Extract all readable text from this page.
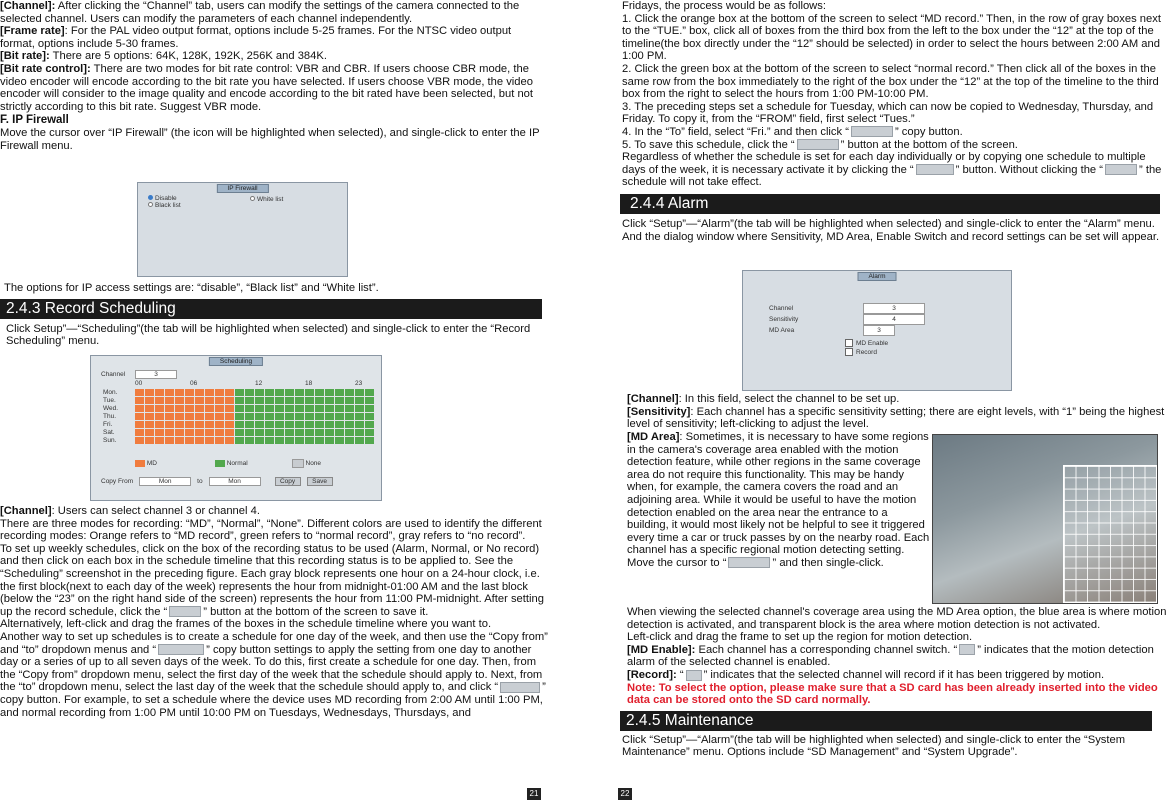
[Channel]: After clicking the “Channel” tab, users can modify the settings of the camera connected to the selected channel. Users can modify the parameters of each channel independently.

[Frame rate]: For the PAL video output format, options include 5-25 frames. For the NTSC video output format, options include 5-30 frames.

[Bit rate]: There are 5 options: 64K, 128K, 192K, 256K and 384K.

[Bit rate control]: There are two modes for bit rate control: VBR and CBR. If users choose CBR mode, the video encoder will encode according to the bit rate you have selected. If users choose VBR mode, the video encoder will consider to the image quality and encode according to the bit rated have been selected, but not strictly according to this bit rate. Suggest VBR mode.

F. IP Firewall

Move the cursor over “IP Firewall” (the icon will be highlighted when selected), and single-click to enter the IP Firewall menu.

IP Firewall
Disable
Black list
White list

The options for IP access settings are: “disable”, “Black list” and “White list”.

2.4.3 Record Scheduling

Click Setup”—“Scheduling”(the tab will be highlighted when selected) and single-click to enter the “Record Scheduling” menu.

Scheduling
Channel	3
00	06	12	18	23
Mon.
Tue.
Wed.
Thu.
Fri.
Sat.
Sun.
MD	Normal	None
Copy From	Mon	to	Mon	Copy	Save

[Channel]: Users can select channel 3 or channel 4.

There are three modes for recording: “MD”, “Normal”, “None”. Different colors are used to identify the different recording modes: Orange refers to “MD record”, green refers to “normal record”, gray refers to “no record”.

To set up weekly schedules, click on the box of the recording status to be used (Alarm, Normal, or No record) and then click on each box in the schedule timeline that this recording status is to be applied to. See the “Scheduling” screenshot in the preceding figure. Each gray block represents one hour on a 24-hour clock, i.e. the first block(next to each day of the week) represents the hour from midnight-01:00 AM and the last block (below the “23” on the right hand side of the screen) represents the hour from 11:00 PM-midnight. After setting up the record schedule, click the “	” button at the bottom of the screen to save it.

Alternatively, left-click and drag the frames of the boxes in the schedule timeline where you want to.

Another way to set up schedules is to create a schedule for one day of the week, and then use the “Copy from” and “to” dropdown menus and “	” copy button settings to apply the setting from one day to another day or a series of up to all seven days of the week. To do this, first create a schedule for one day. Then, from the “Copy from” dropdown menu, select the first day of the week that the schedule should apply to. Next, from the “to” dropdown menu, select the last day of the week that the schedule should apply to, and click “	” copy button. For example, to set a schedule where the device uses MD recording from 2:00 AM until 1:00 PM, and normal recording from 1:00 PM until 10:00 PM on Tuesdays, Wednesdays, Thursdays, and

21

Fridays, the process would be as follows:

1. Click the orange box at the bottom of the screen to select “MD record.” Then, in the row of gray boxes next to the “TUE.” box, click all of boxes from the third box from the left to the box under the “12” at the top of the timeline(the box directly under the “12” should be selected) in order to select the hours between 2:00 AM and 1:00 PM.

2. Click the green box at the bottom of the screen to select “normal record.” Then click all of the boxes in the same row from the box immediately to the right of the box under the “12” at the top of the timeline to the third box from the right to select the hours from 1:00 PM-10:00 PM.

3. The preceding steps set a schedule for Tuesday, which can now be copied to Wednesday, Thursday, and Friday. To copy it, from the “FROM” field, first select “Tues.”

4. In the “To” field, select “Fri.” and then click “	” copy button.

5. To save this schedule, click the “	” button at the bottom of the screen.

Regardless of whether the schedule is set for each day individually or by copying one schedule to multiple days of the week, it is necessary activate it by clicking the “	” button. Without clicking the “	” the schedule will not take effect.

2.4.4 Alarm

Click “Setup”—“Alarm”(the tab will be highlighted when selected) and single-click to enter the “Alarm” menu. And the dialog window where Sensitivity, MD Area, Enable Switch and record settings can be set will appear.

Alarm
Channel	3
Sensitivity	4
MD Area	3
MD Enable
Record

[Channel]: In this field, select the channel to be set up.

[Sensitivity]: Each channel has a specific sensitivity setting; there are eight levels, with “1” being the highest level of sensitivity; left-clicking to adjust the level.

[MD Area]: Sometimes, it is necessary to have some regions in the camera's coverage area enabled with the motion detection feature, while other regions in the same coverage area do not require this functionality. This may be handy when, for example, the camera covers the road and an adjoining area. While it would be useful to have the motion detection enabled on the area near the entrance to a building, it would most likely not be helpful to see it triggered every time a car or truck passes by on the nearby road. Each channel has a specific regional motion detecting setting.

Move the cursor to “	” and then single-click.

When viewing the selected channel's coverage area using the MD Area option, the blue area is where motion detection is activated, and transparent block is the area where motion detection is not activated.

Left-click and drag the frame to set up the region for motion detection.

[MD Enable]: Each channel has a corresponding channel switch. “ ” indicates that the motion detection alarm of the selected channel is enabled.

[Record]: “ ” indicates that the selected channel will record if it has been triggered by motion.

Note: To select the option, please make sure that a SD card has been already inserted into the video data can be stored onto the SD card normally.

2.4.5 Maintenance

Click “Setup”—“Alarm”(the tab will be highlighted when selected) and single-click to enter the “System Maintenance” menu. Options include “SD Management” and “System Upgrade”.

22
